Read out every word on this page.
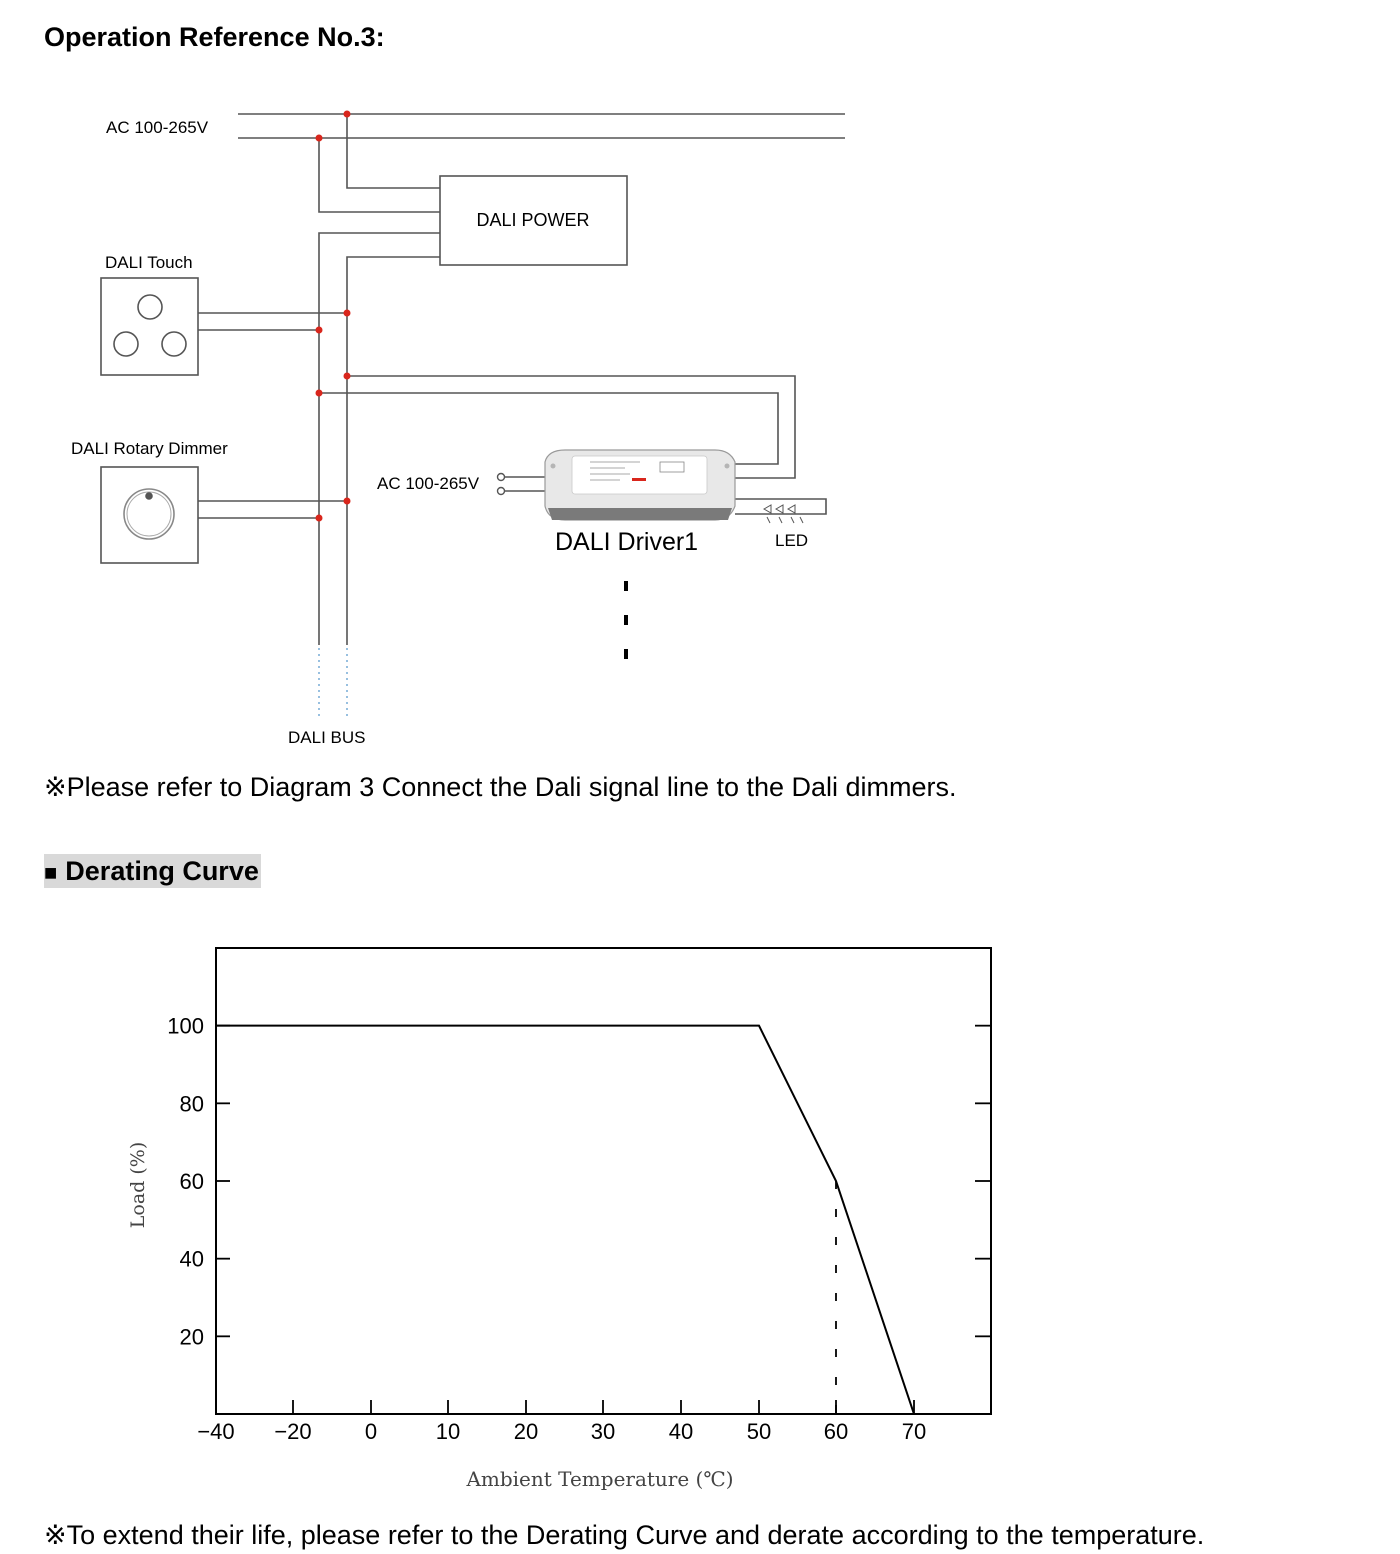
Operation Reference No.3:
AC 100-265V
DALI POWER
DALI Touch
DALI Rotary Dimmer
AC 100-265V
DALI Driver1	LED
DALI BUS
※Please refer to Diagram 3 Connect the Dali signal line to the Dali dimmers.
■ Derating Curve
20
40
60
80
100
−40 −20 0	10 20 30 40 50 60 70
Ambient Temperature (℃)
Load (%)
※To extend their life, please refer to the Derating Curve and derate according to the temperature.
